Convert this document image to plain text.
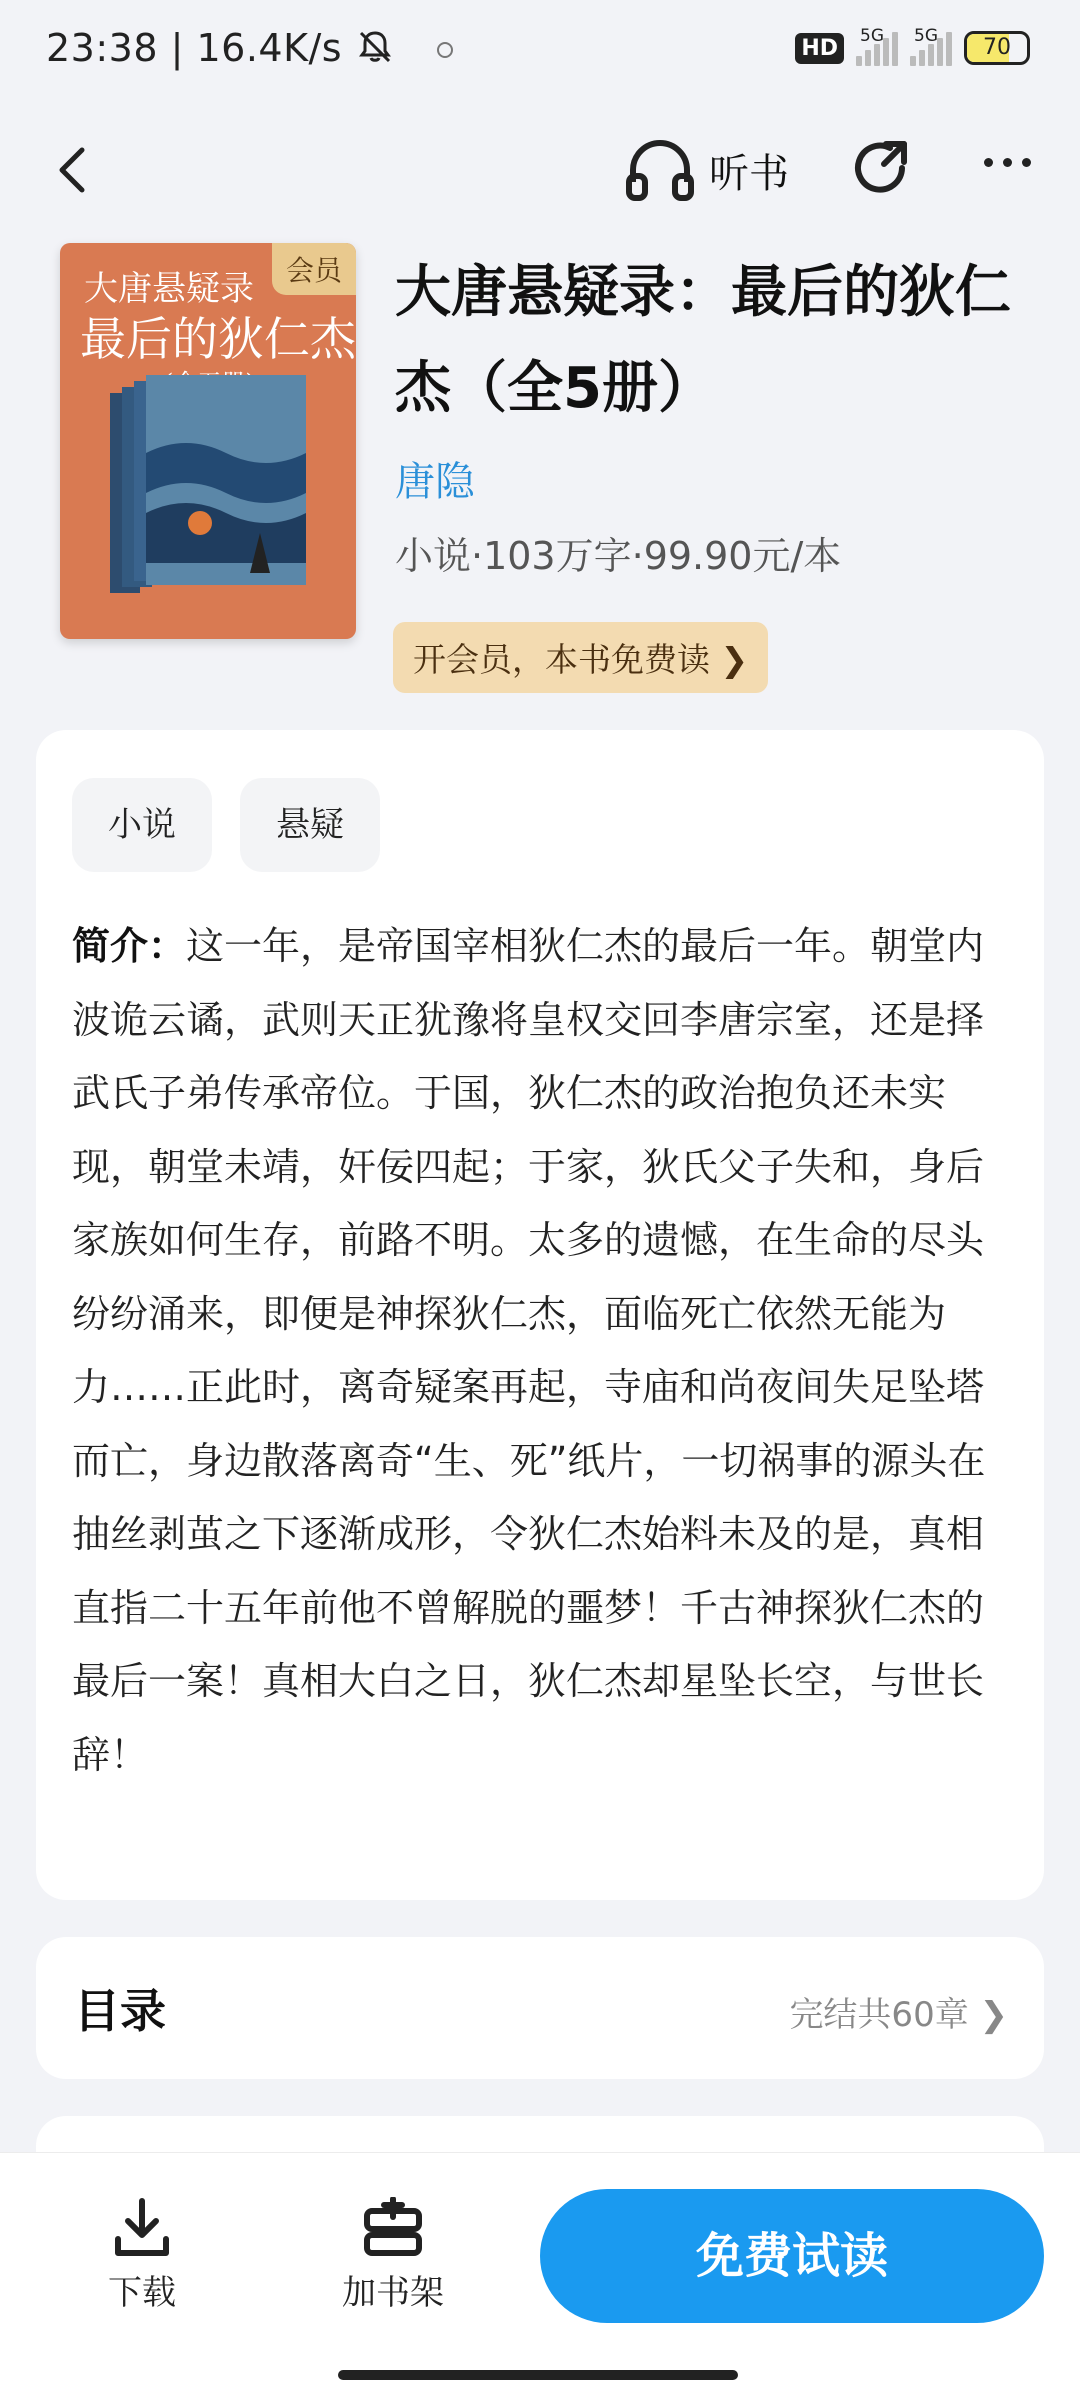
23:38 | 16.4K/s	HD	5G 5G	70
听书
大唐悬疑录
最后的狄仁杰
会员 大唐悬疑录：最后的狄仁杰（全5册）
唐隐
小说·103万字·99.90元/本
开会员，本书免费读 ❯
小说	悬疑

简介：这一年，是帝国宰相狄仁杰的最后一年。朝堂内波诡云谲，武则天正犹豫将皇权交回李唐宗室，还是择武氏子弟传承帝位。于国，狄仁杰的政治抱负还未实现，朝堂未靖，奸佞四起；于家，狄氏父子失和，身后家族如何生存，前路不明。太多的遗憾，在生命的尽头纷纷涌来，即便是神探狄仁杰，面临死亡依然无能为力……正此时，离奇疑案再起，寺庙和尚夜间失足坠塔而亡，身边散落离奇“生、死”纸片，一切祸事的源头在抽丝剥茧之下逐渐成形，令狄仁杰始料未及的是，真相直指二十五年前他不曾解脱的噩梦！千古神探狄仁杰的最后一案！真相大白之日，狄仁杰却星坠长空，与世长辞！

目录	完结共60章 ❯
下载	加书架
免费试读
